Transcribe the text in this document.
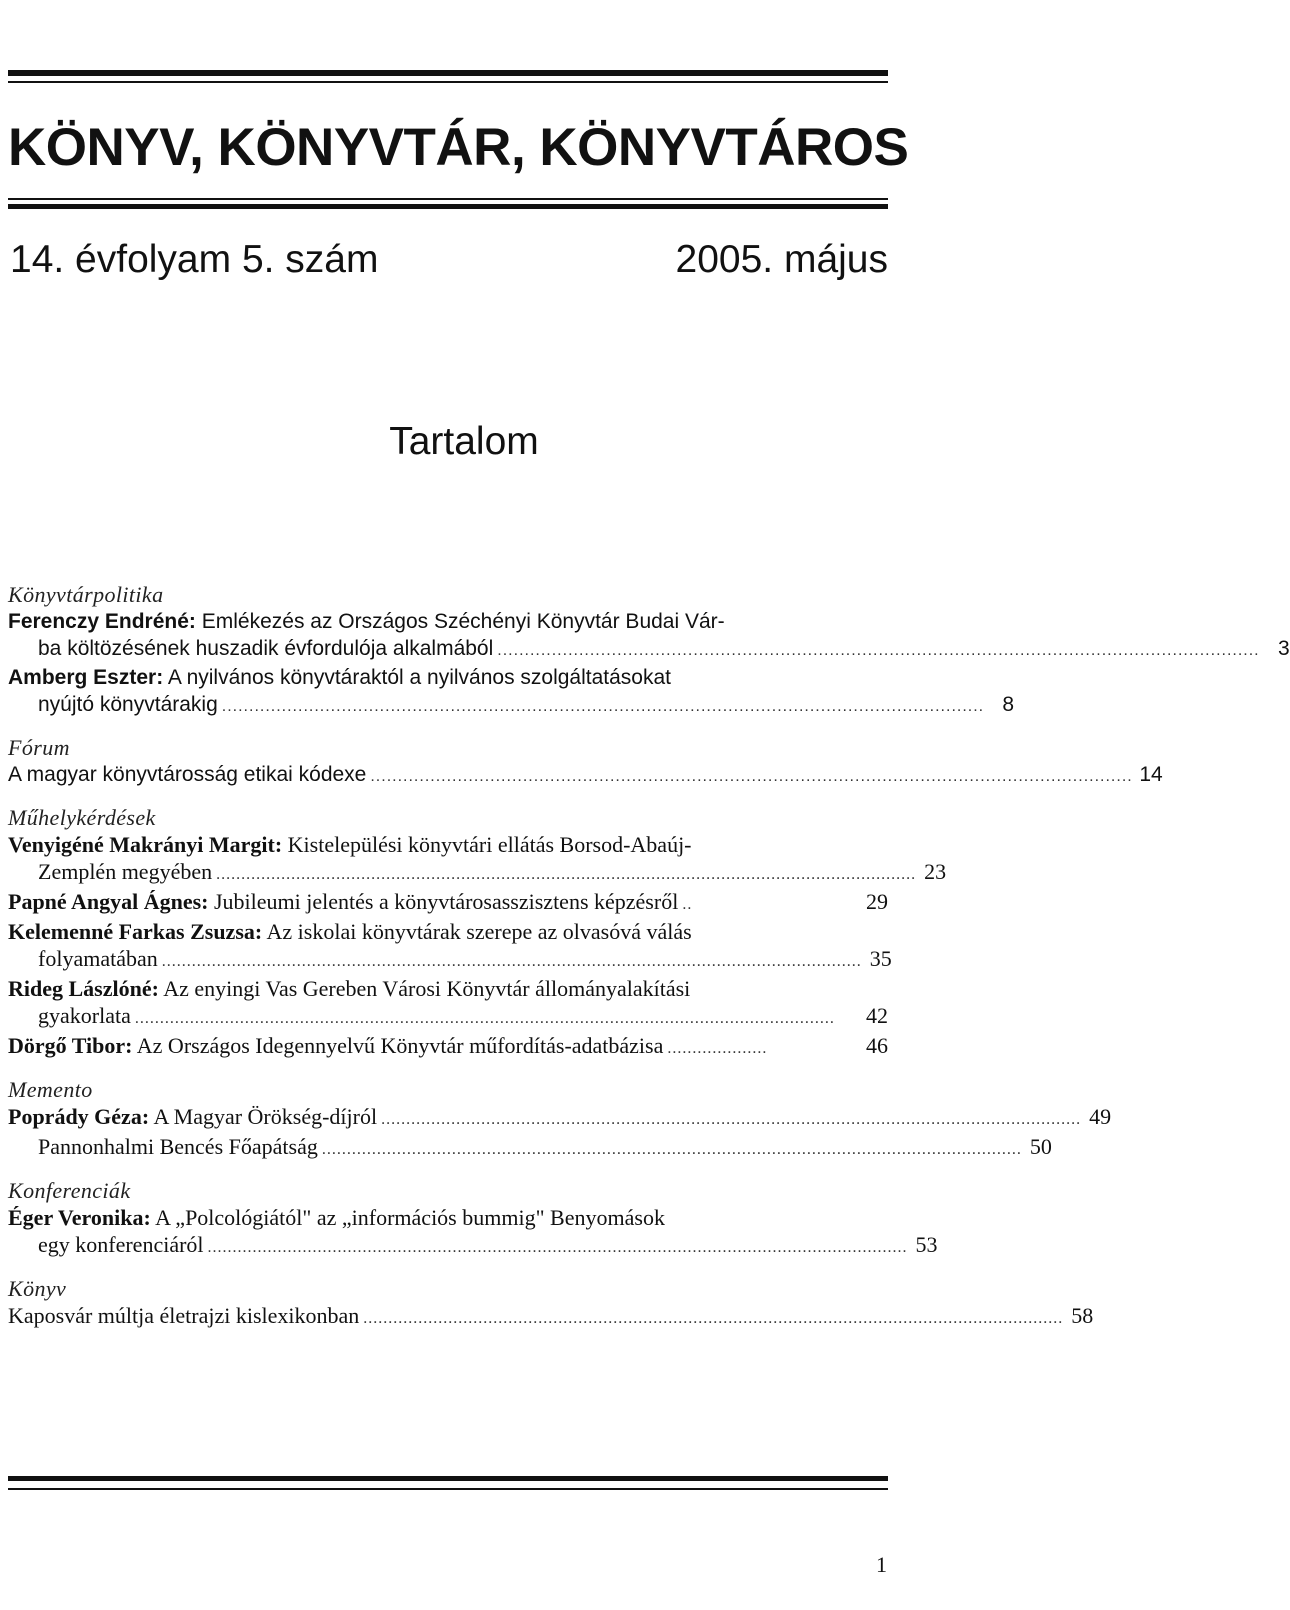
KÖNYV, KÖNYVTÁR, KÖNYVTÁROS
14. évfolyam 5. szám	2005. május
Tartalom
Könyvtárpolitika
Ferenczy Endréné: Emlékezés az Országos Széchényi Könyvtár Budai Vár-
ba költözésének huszadik évfordulója alkalmából ............................................................................................................................................ 3
Amberg Eszter: A nyilvános könyvtáraktól a nyilvános szolgáltatásokat
nyújtó könyvtárakig ............................................................................................................................................ 8
Fórum
A magyar könyvtárosság etikai kódexe ............................................................................................................................................ 14
Műhelykérdések
Venyigéné Makrányi Margit: Kistelepülési könyvtári ellátás Borsod-Abaúj-
Zemplén megyében ............................................................................................................................................ 23
Papné Angyal Ágnes: Jubileumi jelentés a könyvtárosasszisztens képzésről ..	29
Kelemenné Farkas Zsuzsa: Az iskolai könyvtárak szerepe az olvasóvá válás
folyamatában ............................................................................................................................................ 35
Rideg Lászlóné: Az enyingi Vas Gereben Városi Könyvtár állományalakítási
gyakorlata ............................................................................................................................................	42
Dörgő Tibor: Az Országos Idegennyelvű Könyvtár műfordítás-adatbázisa ....................	46
Memento
Poprády Géza: A Magyar Örökség-díjról ............................................................................................................................................ 49
Pannonhalmi Bencés Főapátság ............................................................................................................................................ 50
Konferenciák
Éger Veronika: A „Polcológiától" az „információs bummig" Benyomások
egy konferenciáról ............................................................................................................................................ 53
Könyv
Kaposvár múltja életrajzi kislexikonban ............................................................................................................................................ 58
1
